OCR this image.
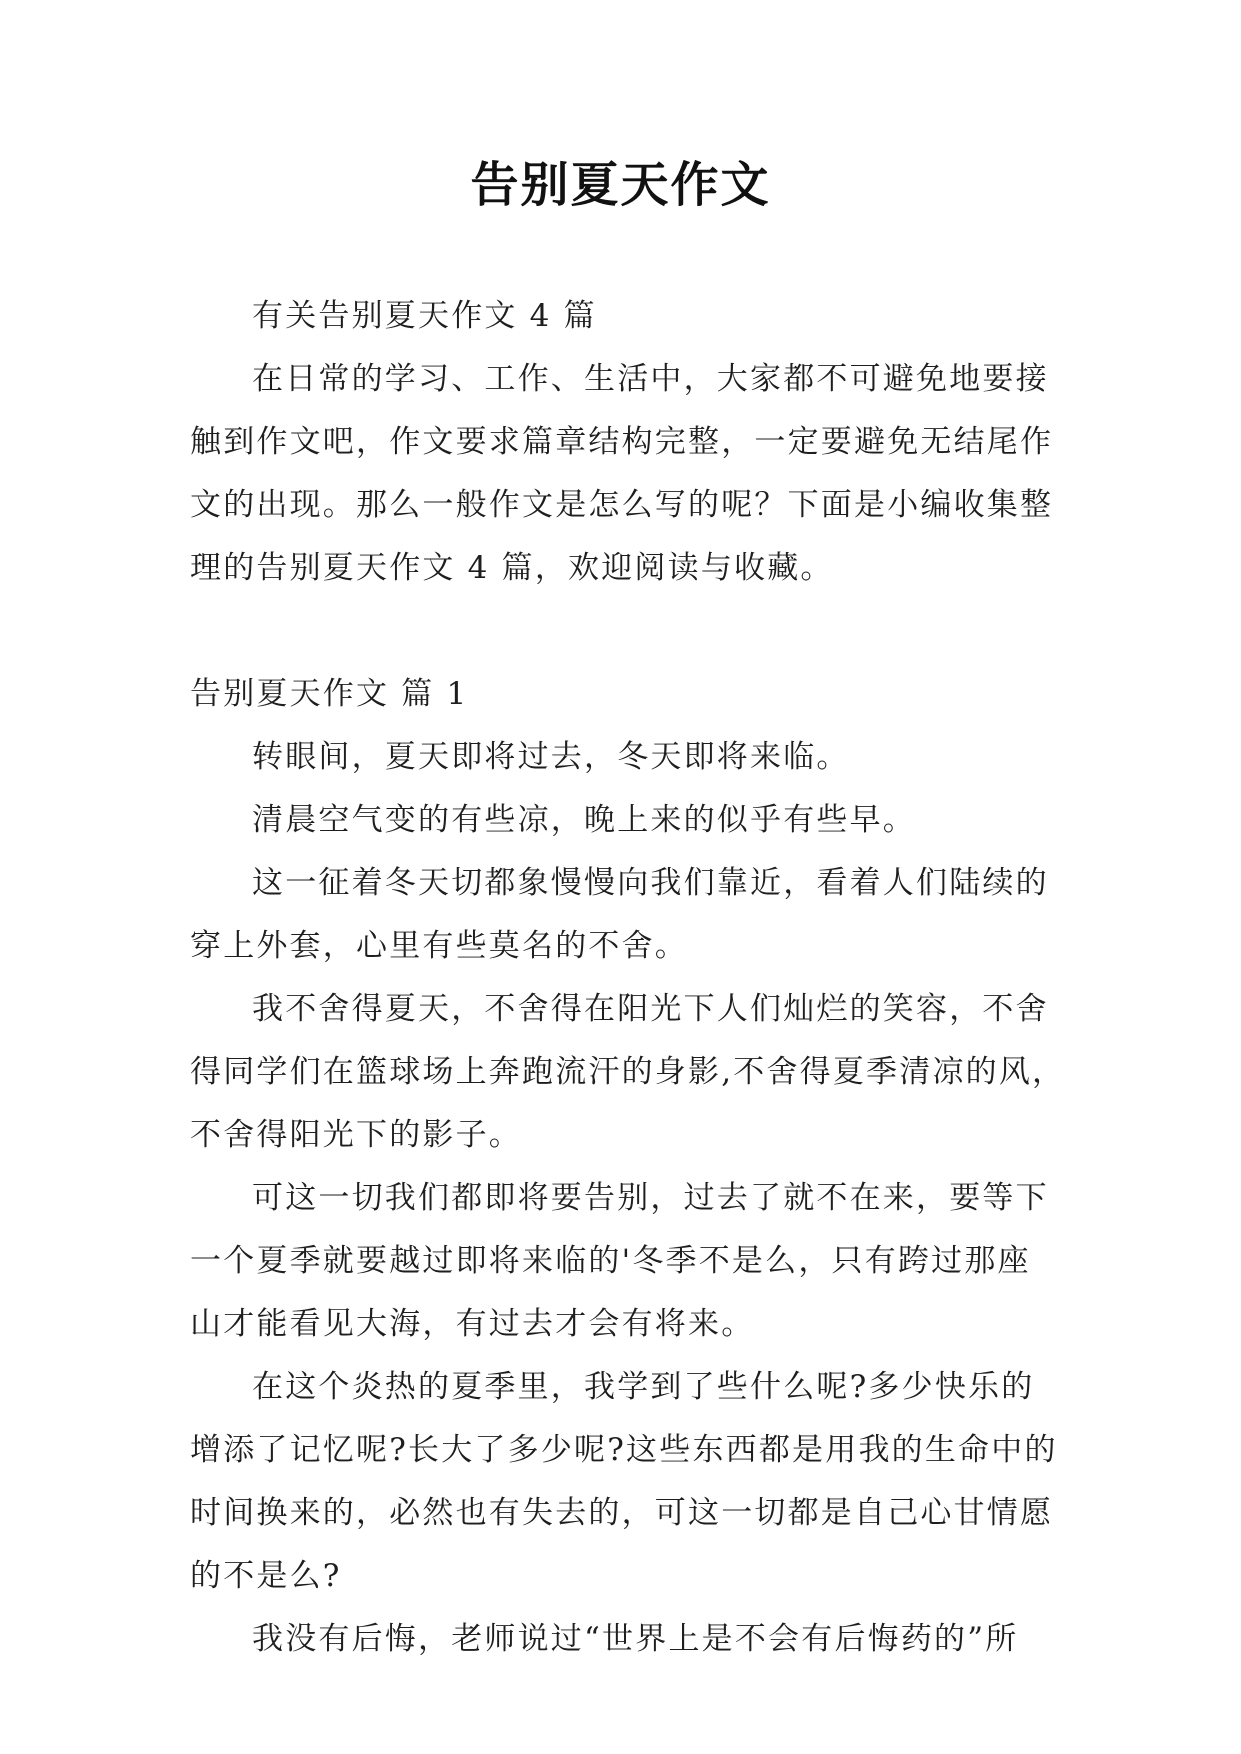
告别夏天作文

有关告别夏天作文 4 篇

在日常的学习、工作、生活中，大家都不可避免地要接

触到作文吧，作文要求篇章结构完整，一定要避免无结尾作

文的出现。那么一般作文是怎么写的呢？下面是小编收集整

理的告别夏天作文 4 篇，欢迎阅读与收藏。

告别夏天作文 篇 1

转眼间，夏天即将过去，冬天即将来临。

清晨空气变的有些凉，晚上来的似乎有些早。

这一征着冬天切都象慢慢向我们靠近，看着人们陆续的

穿上外套，心里有些莫名的不舍。

我不舍得夏天，不舍得在阳光下人们灿烂的笑容，不舍

得同学们在篮球场上奔跑流汗的身影,不舍得夏季清凉的风，

不舍得阳光下的影子。

可这一切我们都即将要告别，过去了就不在来，要等下

一个夏季就要越过即将来临的'冬季不是么，只有跨过那座

山才能看见大海，有过去才会有将来。

在这个炎热的夏季里，我学到了些什么呢?多少快乐的

增添了记忆呢?长大了多少呢?这些东西都是用我的生命中的

时间换来的，必然也有失去的，可这一切都是自己心甘情愿

的不是么?

我没有后悔，老师说过“世界上是不会有后悔药的”所
